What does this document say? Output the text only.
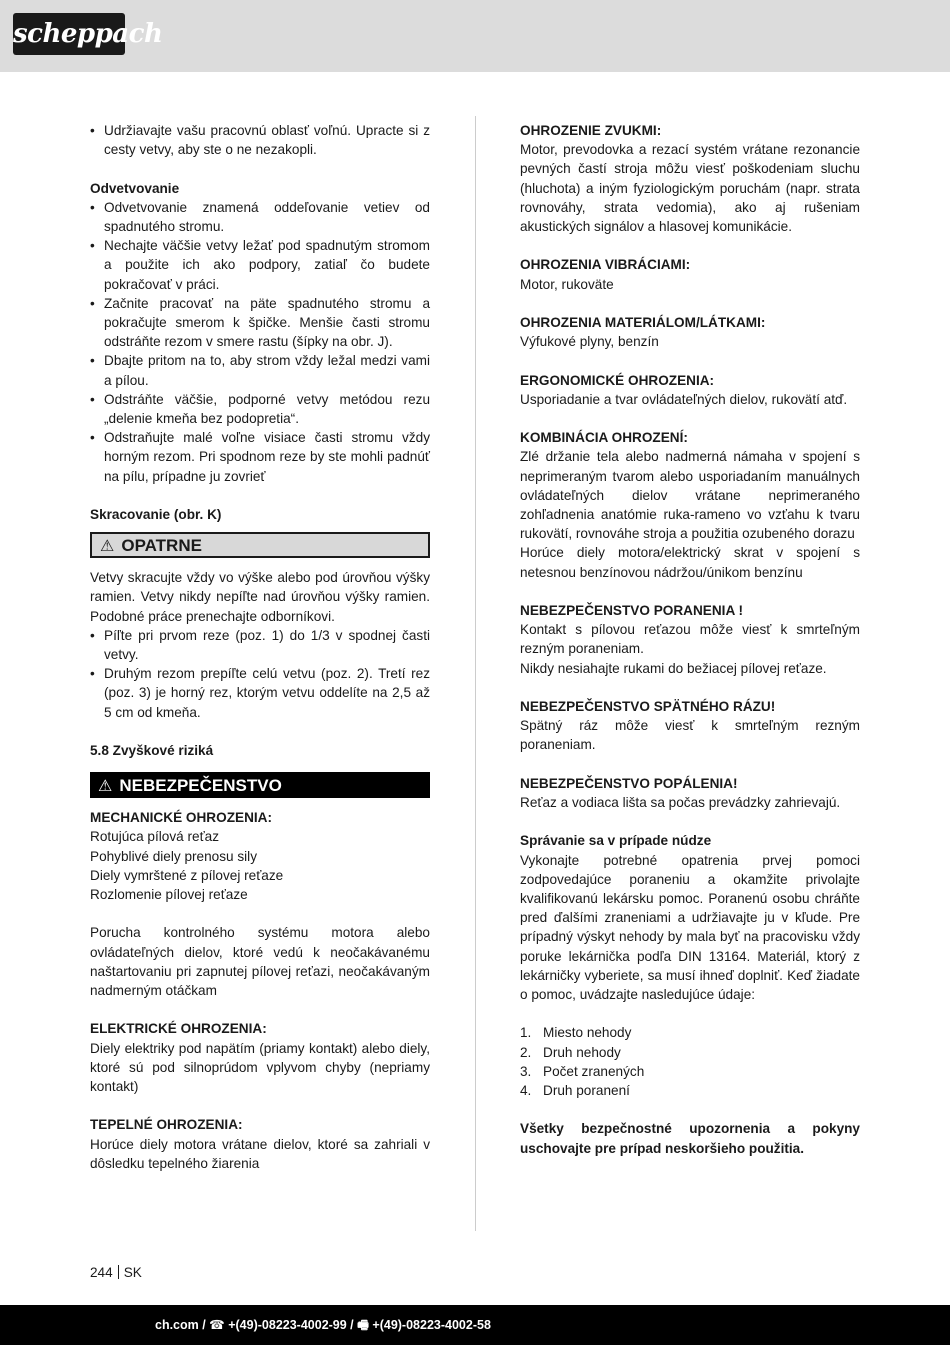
scheppach
• Udržiavajte vašu pracovnú oblasť voľnú. Upracte si z cesty vetvy, aby ste o ne nezakopli.

Odvetvovanie

• Odvetvovanie znamená oddeľovanie vetiev od spadnutého stromu.
• Nechajte väčšie vetvy ležať pod spadnutým stromom a použite ich ako podpory, zatiaľ čo budete pokračovať v práci.
• Začnite pracovať na päte spadnutého stromu a pokračujte smerom k špičke. Menšie časti stromu odstráňte rezom v smere rastu (šípky na obr. J).
• Dbajte pritom na to, aby strom vždy ležal medzi vami a pílou.
• Odstráňte väčšie, podporné vetvy metódou rezu „delenie kmeňa bez podopretia“.
• Odstraňujte malé voľne visiace časti stromu vždy horným rezom. Pri spodnom reze by ste mohli padnúť na pílu, prípadne ju zovrieť

Skracovanie (obr. K)

⚠ OPATRNE

Vetvy skracujte vždy vo výške alebo pod úrovňou výšky ramien. Vetvy nikdy nepíľte nad úrovňou výšky ramien. Podobné práce prenechajte odborníkovi.

• Píľte pri prvom reze (poz. 1) do 1/3 v spodnej časti vetvy.
• Druhým rezom prepíľte celú vetvu (poz. 2). Tretí rez (poz. 3) je horný rez, ktorým vetvu oddelíte na 2,5 až 5 cm od kmeňa.

5.8 Zvyškové riziká

⚠ NEBEZPEČENSTVO

MECHANICKÉ OHROZENIA:

Rotujúca pílová reťaz

Pohyblivé diely prenosu sily

Diely vymrštené z pílovej reťaze

Rozlomenie pílovej reťaze

Porucha kontrolného systému motora alebo ovládateľných dielov, ktoré vedú k neočakávanému naštartovaniu pri zapnutej pílovej reťazi, neočakávaným nadmerným otáčkam

ELEKTRICKÉ OHROZENIA:

Diely elektriky pod napätím (priamy kontakt) alebo diely, ktoré sú pod silnoprúdom vplyvom chyby (nepriamy kontakt)

TEPELNÉ OHROZENIA:

Horúce diely motora vrátane dielov, ktoré sa zahriali v dôsledku tepelného žiarenia

OHROZENIE ZVUKMI:

Motor, prevodovka a rezací systém vrátane rezonancie pevných častí stroja môžu viesť poškodeniam sluchu (hluchota) a iným fyziologickým poruchám (napr. strata rovnováhy, strata vedomia), ako aj rušeniam akustických signálov a hlasovej komunikácie.

OHROZENIA VIBRÁCIAMI:

Motor, rukoväte

OHROZENIA MATERIÁLOM/LÁTKAMI:

Výfukové plyny, benzín

ERGONOMICKÉ OHROZENIA:

Usporiadanie a tvar ovládateľných dielov, rukovätí atď.

KOMBINÁCIA OHROZENÍ:

Zlé držanie tela alebo nadmerná námaha v spojení s neprimeraným tvarom alebo usporiadaním manuálnych ovládateľných dielov vrátane neprimeraného zohľadnenia anatómie ruka-rameno vo vzťahu k tvaru rukovätí, rovnováhe stroja a použitia ozubeného dorazu

Horúce diely motora/elektrický skrat v spojení s netesnou benzínovou nádržou/únikom benzínu

NEBEZPEČENSTVO PORANENIA !

Kontakt s pílovou reťazou môže viesť k smrteľným rezným poraneniam.

Nikdy nesiahajte rukami do bežiacej pílovej reťaze.

NEBEZPEČENSTVO SPÄTNÉHO RÁZU!

Spätný ráz môže viesť k smrteľným rezným poraneniam.

NEBEZPEČENSTVO POPÁLENIA!

Reťaz a vodiaca lišta sa počas prevádzky zahrievajú.

Správanie sa v prípade núdze

Vykonajte potrebné opatrenia prvej pomoci zodpovedajúce poraneniu a okamžite privolajte kvalifikovanú lekársku pomoc. Poranenú osobu chráňte pred ďalšími zraneniami a udržiavajte ju v kľude. Pre prípadný výskyt nehody by mala byť na pracovisku vždy poruke lekárnička podľa DIN 13164. Materiál, ktorý z lekárničky vyberiete, sa musí ihneď doplniť. Keď žiadate o pomoc, uvádzajte nasledujúce údaje:

1. Miesto nehody
2. Druh nehody
3. Počet zranených
4. Druh poranení

Všetky bezpečnostné upozornenia a pokyny uschovajte pre prípad neskoršieho použitia.

244 SK
ch.com / ☎ +(49)-08223-4002-99 / 🖷 +(49)-08223-4002-58
